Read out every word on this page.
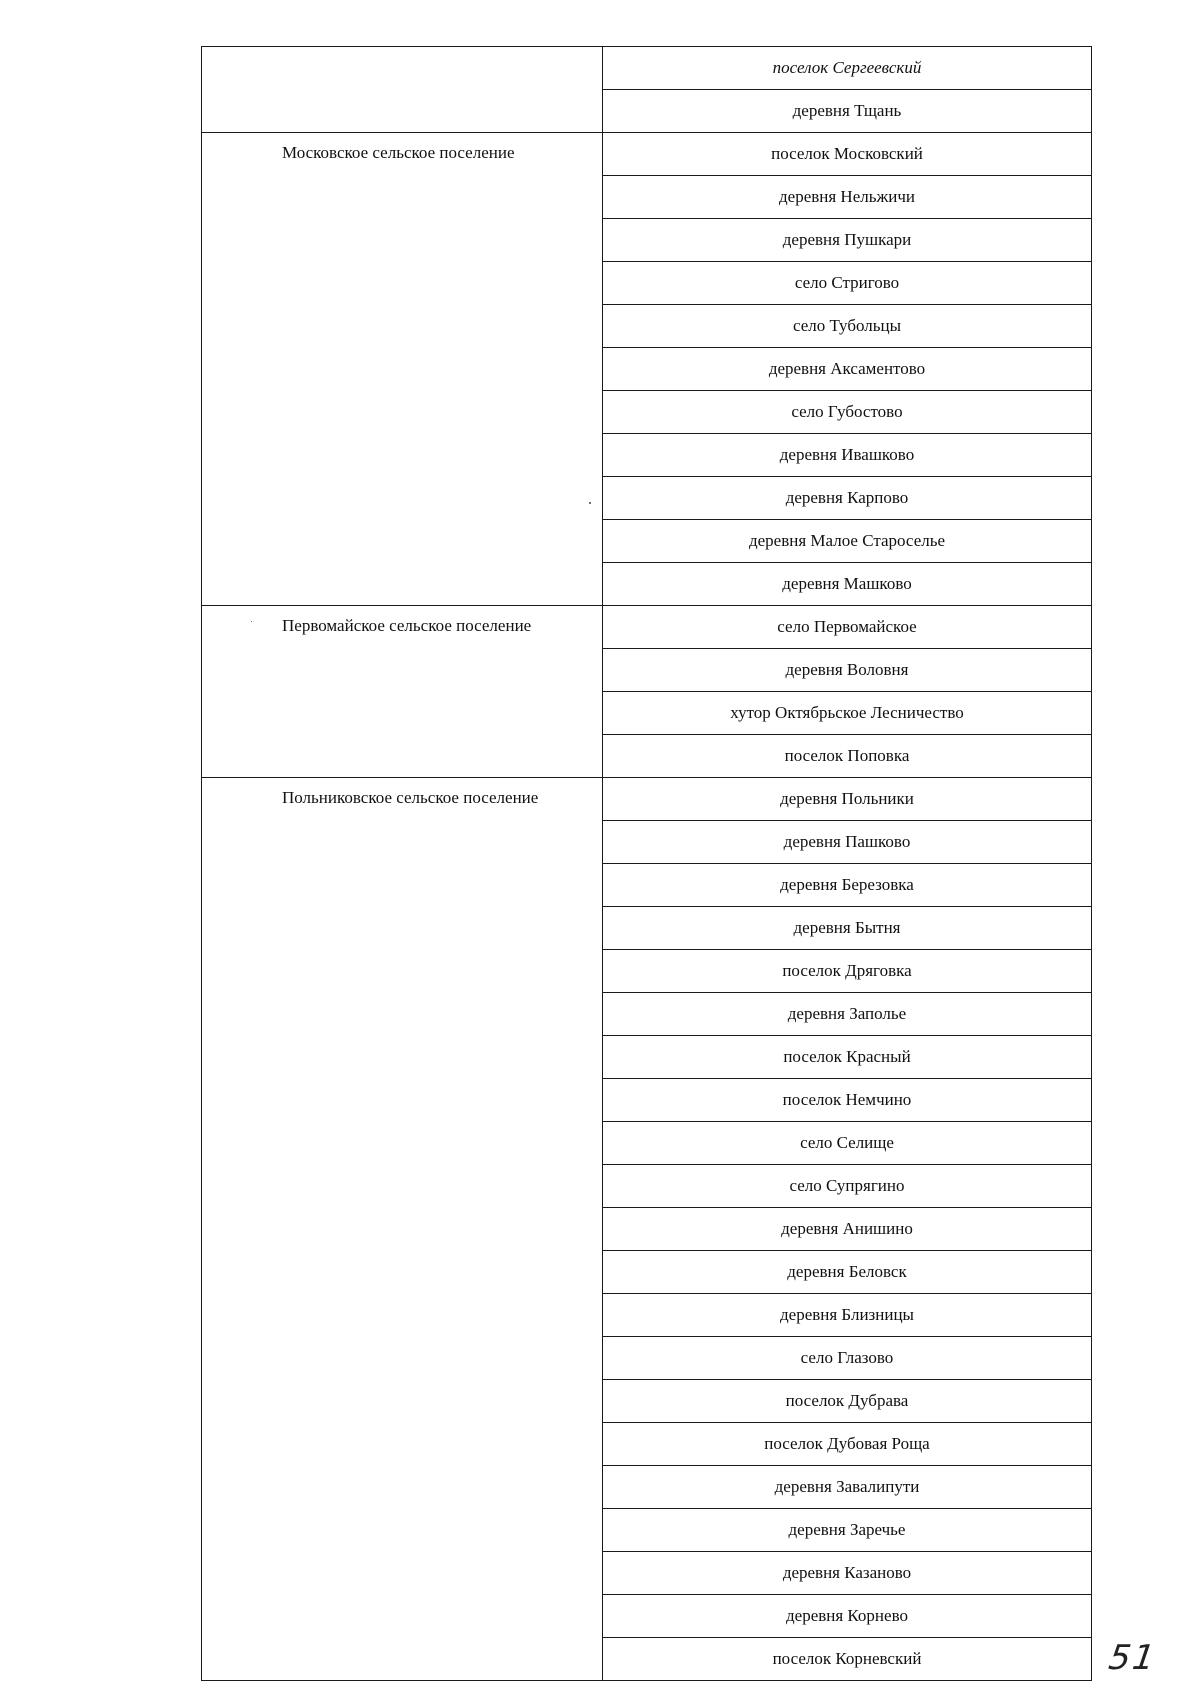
	поселок Сергеевский
	деревня Тщань
Московское сельское поселение	поселок Московский
	деревня Нельжичи
	деревня Пушкари
	село Стригово
	село Тубольцы
	деревня Аксаментово
	село Губостово
	деревня Ивашково
	деревня Карпово
	деревня Малое Староселье
	деревня Машково
Первомайское сельское поселение	село Первомайское
	деревня Воловня
	хутор Октябрьское Лесничество
	поселок Поповка
Польниковское сельское поселение	деревня Польники
	деревня Пашково
	деревня Березовка
	деревня Бытня
	поселок Дряговка
	деревня Заполье
	поселок Красный
	поселок Немчино
	село Селище
	село Супрягино
	деревня Анишино
	деревня Беловск
	деревня Близницы
	село Глазово
	поселок Дубрава
	поселок Дубовая Роща
	деревня Завалипути
	деревня Заречье
	деревня Казаново
	деревня Корнево
	поселок Корневский	51
